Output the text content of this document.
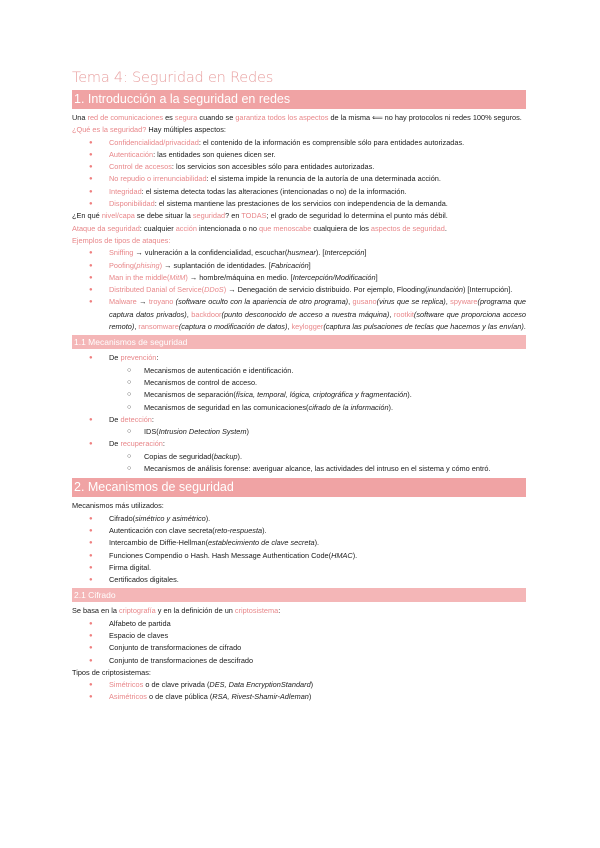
Tema 4: Seguridad en Redes
1. Introducción a la seguridad en redes

Una red de comunicaciones es segura cuando se garantiza todos los aspectos de la misma ⟸ no hay protocolos ni redes 100% seguros.

¿Qué es la seguridad? Hay múltiples aspectos:

● Confidencialidad/privacidad: el contenido de la información es comprensible sólo para entidades autorizadas.
● Autenticación: las entidades son quienes dicen ser.
● Control de accesos: los servicios son accesibles sólo para entidades autorizadas.
● No repudio o irrenunciabilidad: el sistema impide la renuncia de la autoría de una determinada acción.
● Integridad: el sistema detecta todas las alteraciones (intencionadas o no) de la información.
● Disponibilidad: el sistema mantiene las prestaciones de los servicios con independencia de la demanda.

¿En qué nivel/capa se debe situar la seguridad? en TODAS; el grado de seguridad lo determina el punto más débil.

Ataque da seguridad: cualquier acción intencionada o no que menoscabe cualquiera de los aspectos de seguridad.

Ejemplos de tipos de ataques:

● Sniffing → vulneración a la confidencialidad, escuchar(husmear). [Intercepción]
● Poofing(phising) → suplantación de identidades. [Fabricación]
● Man in the middle(MitM) → hombre/máquina en medio. [Intercepción/Modificación]
● Distributed Danial of Service(DDoS) → Denegación de servicio distribuido. Por ejemplo, Flooding(inundación) [Interrupción].
● Malware → troyano (software oculto con la apariencia de otro programa), gusano(virus que se replica), spyware(programa que captura datos privados), backdoor(punto desconocido de acceso a nuestra máquina), rootkit(software que proporciona acceso remoto), ransomware(captura o modificación de datos), keylogger(captura las pulsaciones de teclas que hacemos y las envían).
1.1 Mecanismos de seguridad
● De prevención:
○ Mecanismos de autenticación e identificación.
○ Mecanismos de control de acceso.
○ Mecanismos de separación(física, temporal, lógica, criptográfica y fragmentación).
○ Mecanismos de seguridad en las comunicaciones(cifrado de la información).
● De detección:
○ IDS(Intrusion Detection System)
● De recuperación:
○ Copias de seguridad(backup).
○ Mecanismos de análisis forense: averiguar alcance, las actividades del intruso en el sistema y cómo entró.
2. Mecanismos de seguridad

Mecanismos más utilizados:

● Cifrado(simétrico y asimétrico).
● Autenticación con clave secreta(reto-respuesta).
● Intercambio de Diffie-Hellman(establecimiento de clave secreta).
● Funciones Compendio o Hash. Hash Message Authentication Code(HMAC).
● Firma digital.
● Certificados digitales.
2.1 Cifrado

Se basa en la criptografía y en la definición de un criptosistema:

● Alfabeto de partida
● Espacio de claves
● Conjunto de transformaciones de cifrado
● Conjunto de transformaciones de descifrado

Tipos de criptosistemas:

● Simétricos o de clave privada (DES, Data EncryptionStandard)
● Asimétricos o de clave pública (RSA, Rivest-Shamir-Adleman)
